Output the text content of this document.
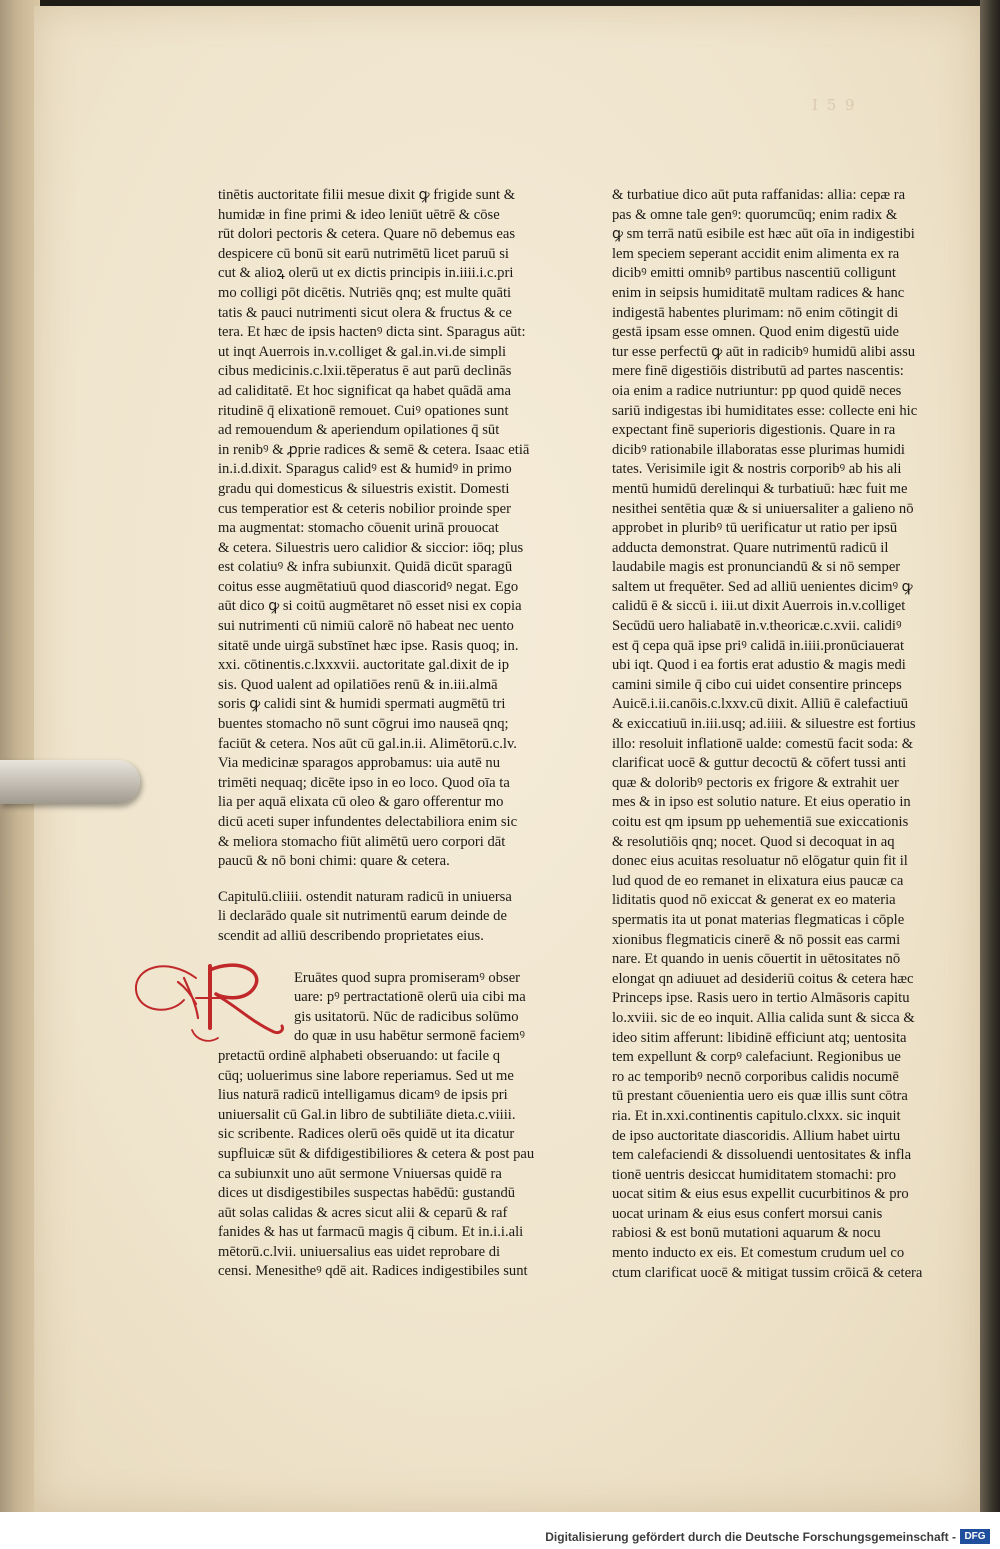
I 5 9
tinētis auctoritate filii mesue dixit ꝙ frigide sunt &
humidæ in fine primi & ideo leniūt uētrē & cōse
rūt dolori pectoris & cetera. Quare nō debemus eas
despicere cū bonū sit earū nutrimētū licet paruū si
cut & alioꝝ olerū ut ex dictis principis in.iiii.i.c.pri
mo colligi pōt dicētis. Nutriēs qnq; est multe quāti
tatis & pauci nutrimenti sicut olera & fructus & ce
tera. Et hæc de ipsis hactenꝰ dicta sint. Sparagus aūt:
ut inqt Auerrois in.v.colliget & gal.in.vi.de simpli
cibus medicinis.c.lxii.tēperatus ē aut parū declinās
ad caliditatē. Et hoc significat qa habet quādā ama
ritudinē q̄ elixationē remouet. Cuiꝰ opationes sunt
ad remouendum & aperiendum opilationes q̄ sūt
in renibꝰ & ꝓprie radices & semē & cetera. Isaac etiā
in.i.d.dixit. Sparagus calidꝰ est & humidꝰ in primo
gradu qui domesticus & siluestris existit. Domesti
cus temperatior est & ceteris nobilior proinde sper
ma augmentat: stomacho cōuenit urinā prouocat
& cetera. Siluestris uero calidior & siccior: iōq; plus
est colatiuꝰ & infra subiunxit. Quidā dicūt sparagū
coitus esse augmētatiuū quod diascoridꝰ negat. Ego
aūt dico ꝙ si coitū augmētaret nō esset nisi ex copia
sui nutrimenti cū nimiū calorē nō habeat nec uento
sitatē unde uirgā substīnet hæc ipse. Rasis quoq; in.
xxi. cōtinentis.c.lxxxvii. auctoritate gal.dixit de ip
sis. Quod ualent ad opilatiōes renū & in.iii.almā
soris ꝙ calidi sint & humidi spermati augmētū tri
buentes stomacho nō sunt cōgrui imo nauseā qnq;
faciūt & cetera. Nos aūt cū gal.in.ii. Alimētorū.c.lv.
Via medicinæ sparagos approbamus: uia autē nu
trimēti nequaq; dicēte ipso in eo loco. Quod oīa ta
lia per aquā elixata cū oleo & garo offerentur mo
dicū aceti super infundentes delectabiliora enim sic
& meliora stomacho fiūt alimētū uero corpori dāt
paucū & nō boni chimi: quare & cetera.
Capitulū.cliiii. ostendit naturam radicū in uniuersa
li declarādo quale sit nutrimentū earum deinde de
scendit ad alliū describendo proprietates eius.
Eruātes quod supra promiseramꝰ obser
uare: pꝰ pertractationē olerū uia cibi ma
gis usitatorū. Nūc de radicibus solūmo
do quæ in usu habētur sermonē faciemꝰ
pretactū ordinē alphabeti obseruando: ut facile q
cūq; uoluerimus sine labore reperiamus. Sed ut me
lius naturā radicū intelligamus dicamꝰ de ipsis pri
uniuersalit cū Gal.in libro de subtiliāte dieta.c.viiii.
sic scribente. Radices olerū oēs quidē ut ita dicatur
supfluicæ sūt & difdigestibiliores & cetera & post pau
ca subiunxit uno aūt sermone Vniuersas quidē ra
dices ut disdigestibiles suspectas habēdū: gustandū
aūt solas calidas & acres sicut alii & ceparū & raf
fanides & has ut farmacū magis q̄ cibum. Et in.i.i.ali
mētorū.c.lvii. uniuersalius eas uidet reprobare di
censi. Menesitheꝰ qdē ait. Radices indigestibiles sunt
& turbatiue dico aūt puta raffanidas: allia: cepæ ra
pas & omne tale genꝰ: quorumcūq; enim radix &
ꝙ sm terrā natū esibile est hæc aūt oīa in indigestibi
lem speciem seperant accidit enim alimenta ex ra
dicibꝰ emitti omnibꝰ partibus nascentiū colligunt
enim in seipsis humiditatē multam radices & hanc
indigestā habentes plurimam: nō enim cōtingit di
gestā ipsam esse omnen. Quod enim digestū uide
tur esse perfectū ꝙ aūt in radicibꝰ humidū alibi assu
mere finē digestiōis distributū ad partes nascentis:
oia enim a radice nutriuntur: pp quod quidē neces
sariū indigestas ibi humiditates esse: collecte eni hic
expectant finē superioris digestionis. Quare in ra
dicibꝰ rationabile illaboratas esse plurimas humidi
tates. Verisimile igit & nostris corporibꝰ ab his ali
mentū humidū derelinqui & turbatiuū: hæc fuit me
nesithei sentētia quæ & si uniuersaliter a galieno nō
approbet in pluribꝰ tū uerificatur ut ratio per ipsū
adducta demonstrat. Quare nutrimentū radicū il
laudabile magis est pronunciandū & si nō semper
saltem ut frequēter. Sed ad alliū uenientes dicimꝰ ꝙ
calidū ē & siccū i. iii.ut dixit Auerrois in.v.colliget
Secūdū uero haliabatē in.v.theoricæ.c.xvii. calidiꝰ
est q̄ cepa quā ipse priꝰ calidā in.iiii.pronūciauerat
ubi iqt. Quod i ea fortis erat adustio & magis medi
camini simile q̄ cibo cui uidet consentire princeps
Auicē.i.ii.canōis.c.lxxv.cū dixit. Alliū ē calefactiuū
& exiccatiuū in.iii.usq; ad.iiii. & siluestre est fortius
illo: resoluit inflationē ualde: comestū facit soda: &
clarificat uocē & guttur decoctū & cōfert tussi anti
quæ & doloribꝰ pectoris ex frigore & extrahit uer
mes & in ipso est solutio nature. Et eius operatio in
coitu est qm ipsum pp uehementiā sue exiccationis
& resolutiōis qnq; nocet. Quod si decoquat in aq
donec eius acuitas resoluatur nō elōgatur quin fit il
lud quod de eo remanet in elixatura eius paucæ ca
liditatis quod nō exiccat & generat ex eo materia
spermatis ita ut ponat materias flegmaticas i cōple
xionibus flegmaticis cinerē & nō possit eas carmi
nare. Et quando in uenis cōuertit in uētositates nō
elongat qn adiuuet ad desideriū coitus & cetera hæc
Princeps ipse. Rasis uero in tertio Almāsoris capitu
lo.xviii. sic de eo inquit. Allia calida sunt & sicca &
ideo sitim afferunt: libidinē efficiunt atq; uentosita
tem expellunt & corpꝰ calefaciunt. Regionibus ue
ro ac temporibꝰ necnō corporibus calidis nocumē
tū prestant cōuenientia uero eis quæ illis sunt cōtra
ria. Et in.xxi.continentis capitulo.clxxx. sic inquit
de ipso auctoritate diascoridis. Allium habet uirtu
tem calefaciendi & dissoluendi uentositates & infla
tionē uentris desiccat humiditatem stomachi: pro
uocat sitim & eius esus expellit cucurbitinos & pro
uocat urinam & eius esus confert morsui canis
rabiosi & est bonū mutationi aquarum & nocu
mento inducto ex eis. Et comestum crudum uel co
ctum clarificat uocē & mitigat tussim crōicā & cetera
Digitalisierung gefördert durch die Deutsche Forschungsgemeinschaft - DFG
